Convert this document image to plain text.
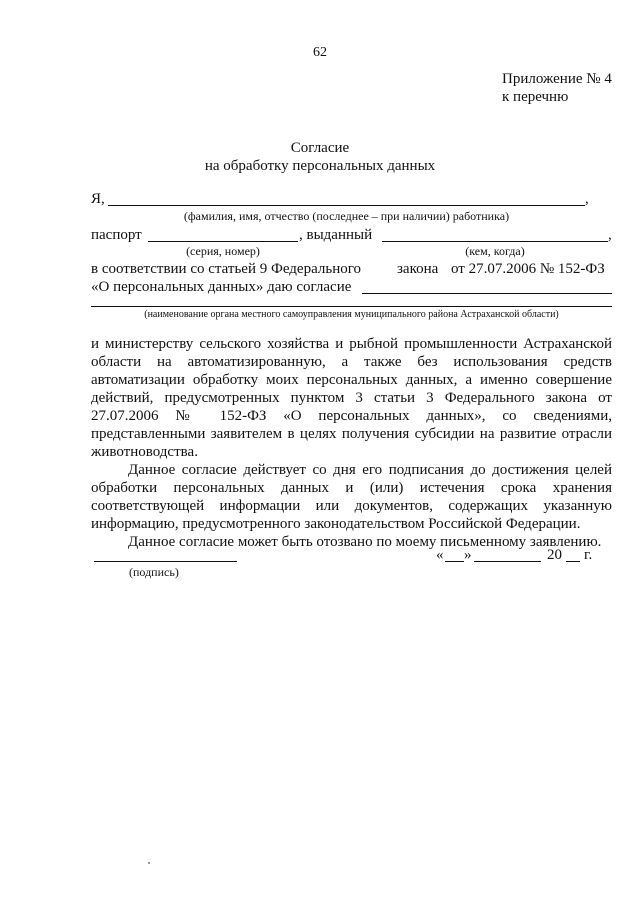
62
Приложение № 4
к перечню
Согласие
на обработку персональных данных
Я,	,
(фамилия, имя, отчество (последнее – при наличии) работника)
паспорт	, выданный	,
(серия, номер)	(кем, когда)
в соответствии со статьей 9 Федерального закона от 27.07.2006 № 152-ФЗ
«О персональных данных» даю согласие
(наименование органа местного самоуправления муниципального района Астраханской области)

и министерству сельского хозяйства и рыбной промышленности Астраханской области на автоматизированную, а также без использования средств автоматизации обработку моих персональных данных, а именно совершение действий, предусмотренных пунктом 3 статьи 3 Федерального закона от 27.07.2006 № 152-ФЗ «О персональных данных», со сведениями, представленными заявителем в целях получения субсидии на развитие отрасли животноводства.

Данное согласие действует со дня его подписания до достижения целей обработки персональных данных и (или) истечения срока хранения соответствующей информации или документов, содержащих указанную информацию, предусмотренного законодательством Российской Федерации.

Данное согласие может быть отозвано по моему письменному заявлению.

(подпись)
« »	20 г.
